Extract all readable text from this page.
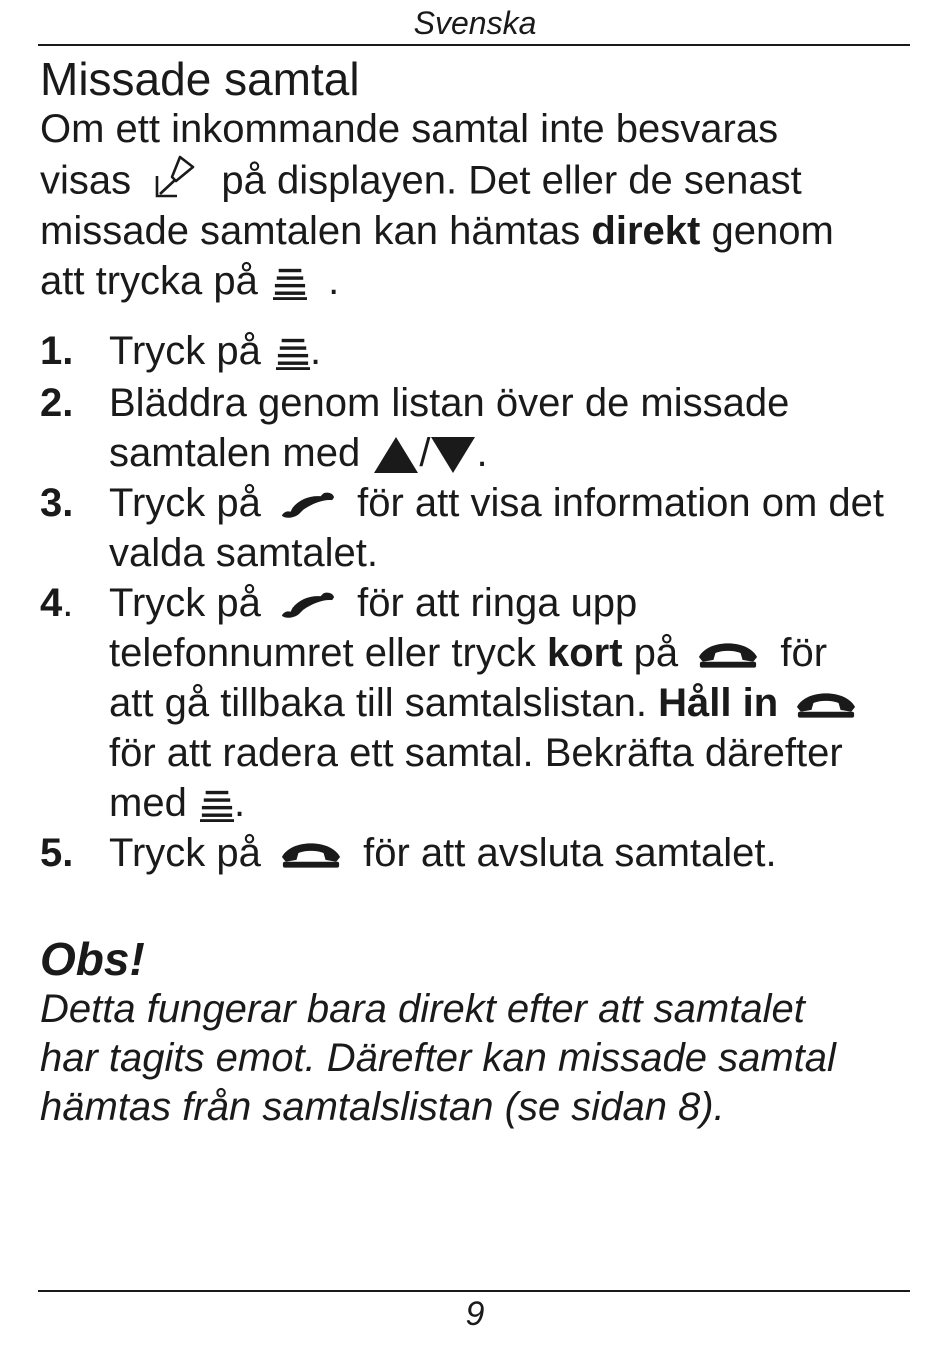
Svenska
Missade samtal
Om ett inkommande samtal inte besvaras
visas på displayen. Det eller de senast
missade samtalen kan hämtas direkt genom
att trycka på .
1. Tryck på .
2. Bläddra genom listan över de missade
samtalen med / .
3. Tryck på för att visa information om det
valda samtalet.
4. Tryck på för att ringa upp
telefonnumret eller tryck kort på	för
att gå tillbaka till samtalslistan. Håll in
för att radera ett samtal. Bekräfta därefter
med .
5. Tryck på	för att avsluta samtalet.
Obs!
Detta fungerar bara direkt efter att samtalet
har tagits emot. Därefter kan missade samtal
hämtas från samtalslistan (se sidan 8).
9
